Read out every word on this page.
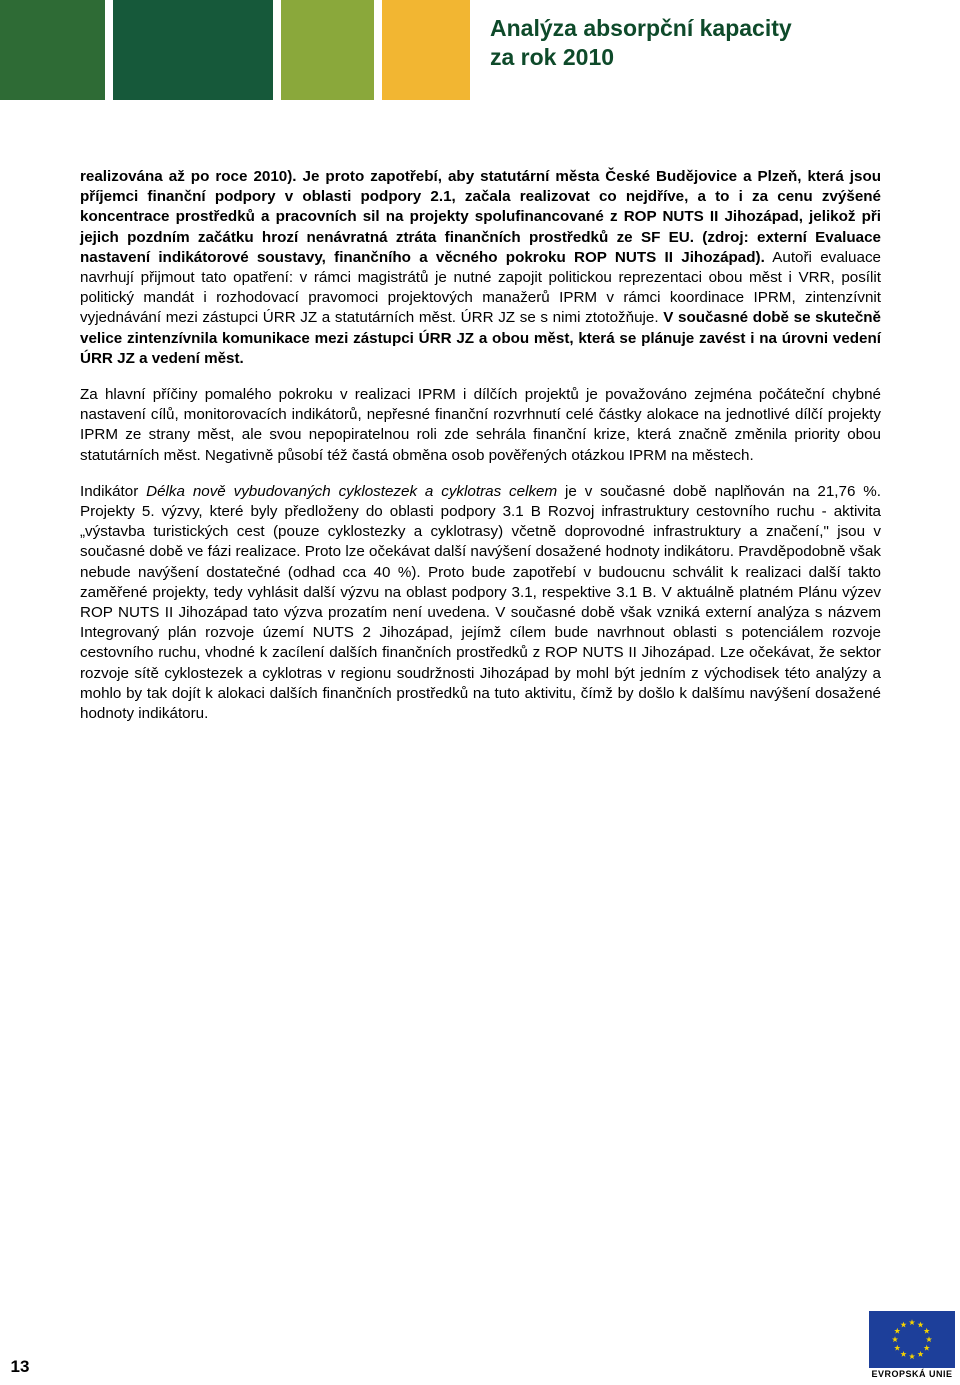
Analýza absorpční kapacity
za rok 2010

realizována až po roce 2010). Je proto zapotřebí, aby statutární města České Budějovice a Plzeň, která jsou příjemci finanční podpory v oblasti podpory 2.1, začala realizovat co nejdříve, a to i za cenu zvýšené koncentrace prostředků a pracovních sil na projekty spolufinancované z ROP NUTS II Jihozápad, jelikož při jejich pozdním začátku hrozí nenávratná ztráta finančních prostředků ze SF EU. (zdroj: externí Evaluace nastavení indikátorové soustavy, finančního a věcného pokroku ROP NUTS II Jihozápad). Autoři evaluace navrhují přijmout tato opatření: v rámci magistrátů je nutné zapojit politickou reprezentaci obou měst i VRR, posílit politický mandát i rozhodovací pravomoci projektových manažerů IPRM v rámci koordinace IPRM, zintenzívnit vyjednávání mezi zástupci ÚRR JZ a statutárních měst. ÚRR JZ se s nimi ztotožňuje. V současné době se skutečně velice zintenzívnila komunikace mezi zástupci ÚRR JZ a obou měst, která se plánuje zavést i na úrovni vedení ÚRR JZ a vedení měst.

Za hlavní příčiny pomalého pokroku v realizaci IPRM i dílčích projektů je považováno zejména počáteční chybné nastavení cílů, monitorovacích indikátorů, nepřesné finanční rozvrhnutí celé částky alokace na jednotlivé dílčí projekty IPRM ze strany měst, ale svou nepopiratelnou roli zde sehrála finanční krize, která značně změnila priority obou statutárních měst. Negativně působí též častá obměna osob pověřených otázkou IPRM na městech.

Indikátor Délka nově vybudovaných cyklostezek a cyklotras celkem je v současné době naplňován na 21,76 %. Projekty 5. výzvy, které byly předloženy do oblasti podpory 3.1 B Rozvoj infrastruktury cestovního ruchu - aktivita „výstavba turistických cest (pouze cyklostezky a cyklotrasy) včetně doprovodné infrastruktury a značení," jsou v současné době ve fázi realizace. Proto lze očekávat další navýšení dosažené hodnoty indikátoru. Pravděpodobně však nebude navýšení dostatečné (odhad cca 40 %). Proto bude zapotřebí v budoucnu schválit k realizaci další takto zaměřené projekty, tedy vyhlásit další výzvu na oblast podpory 3.1, respektive 3.1 B. V aktuálně platném Plánu výzev ROP NUTS II Jihozápad tato výzva prozatím není uvedena. V současné době však vzniká externí analýza s názvem Integrovaný plán rozvoje území NUTS 2 Jihozápad, jejímž cílem bude navrhnout oblasti s potenciálem rozvoje cestovního ruchu, vhodné k zacílení dalších finančních prostředků z ROP NUTS II Jihozápad. Lze očekávat, že sektor rozvoje sítě cyklostezek a cyklotras v regionu soudržnosti Jihozápad by mohl být jedním z východisek této analýzy a mohlo by tak dojít k alokaci dalších finančních prostředků na tuto aktivitu, čímž by došlo k dalšímu navýšení dosažené hodnoty indikátoru.

13	EVROPSKÁ UNIE
